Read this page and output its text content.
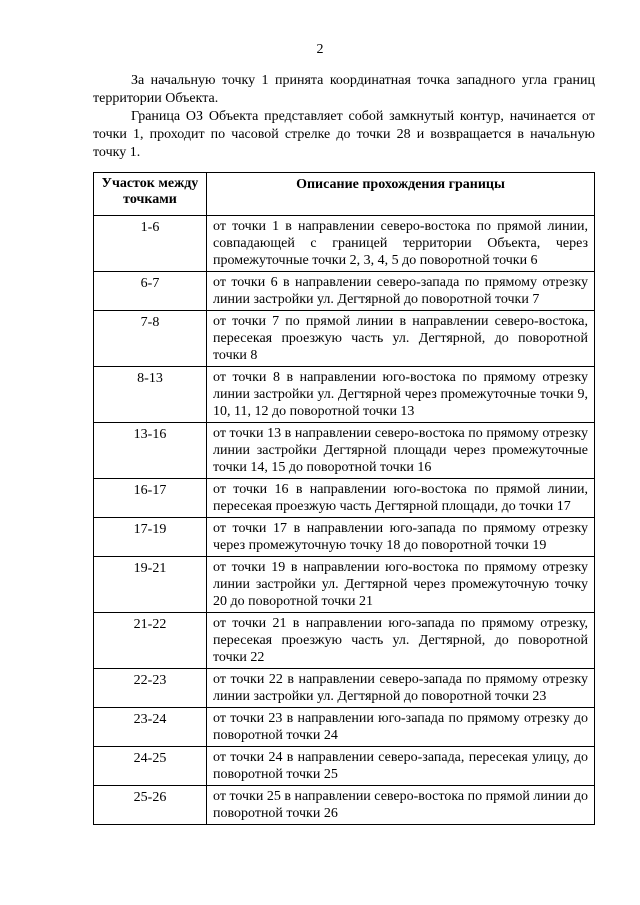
2

За начальную точку 1 принята координатная точка западного угла границ территории Объекта.

Граница ОЗ Объекта представляет собой замкнутый контур, начинается от точки 1, проходит по часовой стрелке до точки 28 и возвращается в начальную точку 1.

Участок между точками	Описание прохождения границы
1-6	от точки 1 в направлении северо-востока по прямой линии, совпадающей с границей территории Объекта, через промежуточные точки 2, 3, 4, 5 до поворотной точки 6
6-7	от точки 6 в направлении северо-запада по прямому отрезку линии застройки ул. Дегтярной до поворотной точки 7
7-8	от точки 7 по прямой линии в направлении северо-востока, пересекая проезжую часть ул. Дегтярной, до поворотной точки 8
8-13	от точки 8 в направлении юго-востока по прямому отрезку линии застройки ул. Дегтярной через промежуточные точки 9, 10, 11, 12 до поворотной точки 13
13-16	от точки 13 в направлении северо-востока по прямому отрезку линии застройки Дегтярной площади через промежуточные точки 14, 15 до поворотной точки 16
16-17	от точки 16 в направлении юго-востока по прямой линии, пересекая проезжую часть Дегтярной площади, до точки 17
17-19	от точки 17 в направлении юго-запада по прямому отрезку через промежуточную точку 18 до поворотной точки 19
19-21	от точки 19 в направлении юго-востока по прямому отрезку линии застройки ул. Дегтярной через промежуточную точку 20 до поворотной точки 21
21-22	от точки 21 в направлении юго-запада по прямому отрезку, пересекая проезжую часть ул. Дегтярной, до поворотной точки 22
22-23	от точки 22 в направлении северо-запада по прямому отрезку линии застройки ул. Дегтярной до поворотной точки 23
23-24	от точки 23 в направлении юго-запада по прямому отрезку до поворотной точки 24
24-25	от точки 24 в направлении северо-запада, пересекая улицу, до поворотной точки 25
25-26	от точки 25 в направлении северо-востока по прямой линии до поворотной точки 26
